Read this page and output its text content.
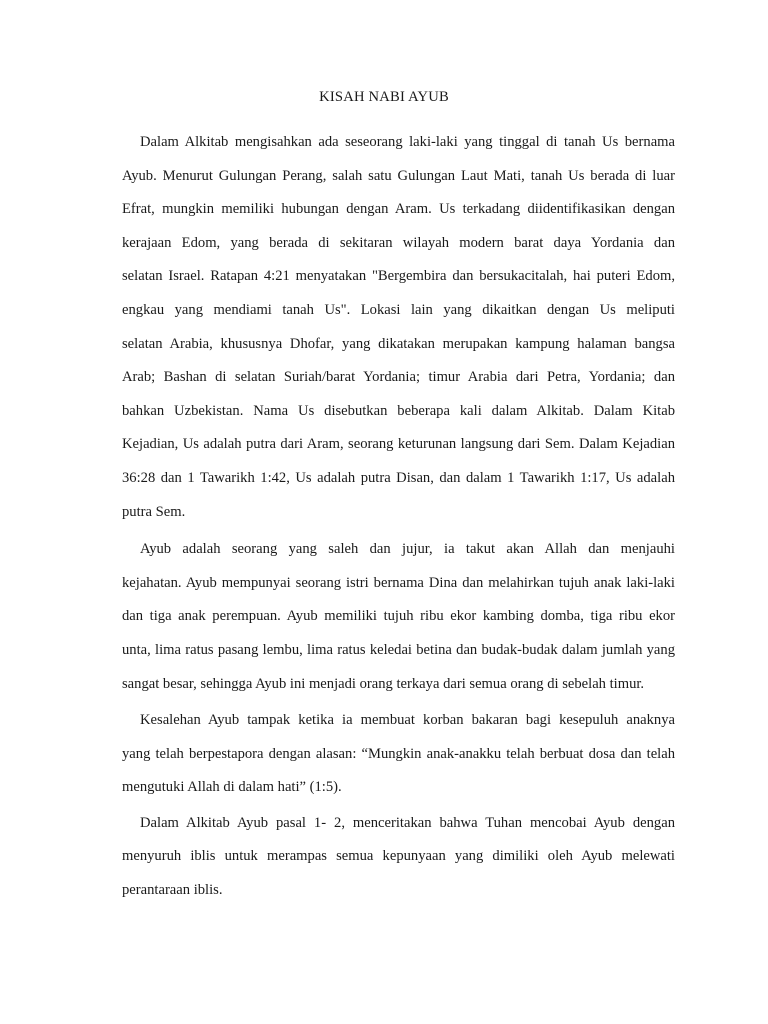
KISAH NABI AYUB
Dalam Alkitab mengisahkan ada seseorang laki-laki yang tinggal di tanah Us bernama
Ayub. Menurut Gulungan Perang, salah satu Gulungan Laut Mati, tanah Us berada di luar
Efrat, mungkin memiliki hubungan dengan Aram. Us terkadang diidentifikasikan dengan
kerajaan Edom, yang berada di sekitaran wilayah modern barat daya Yordania dan
selatan Israel. Ratapan 4:21 menyatakan "Bergembira dan bersukacitalah, hai puteri Edom,
engkau yang mendiami tanah Us". Lokasi lain yang dikaitkan dengan Us meliputi
selatan Arabia, khususnya Dhofar, yang dikatakan merupakan kampung halaman bangsa
Arab; Bashan di selatan Suriah/barat Yordania; timur Arabia dari Petra, Yordania; dan
bahkan Uzbekistan. Nama Us disebutkan beberapa kali dalam Alkitab. Dalam Kitab
Kejadian, Us adalah putra dari Aram, seorang keturunan langsung dari Sem. Dalam Kejadian
36:28 dan 1 Tawarikh 1:42, Us adalah putra Disan, dan dalam 1 Tawarikh 1:17, Us adalah
putra Sem.
Ayub adalah seorang yang saleh dan jujur, ia takut akan Allah dan menjauhi
kejahatan. Ayub mempunyai seorang istri bernama Dina dan melahirkan tujuh anak laki-laki
dan tiga anak perempuan. Ayub memiliki tujuh ribu ekor kambing domba, tiga ribu ekor
unta, lima ratus pasang lembu, lima ratus keledai betina dan budak-budak dalam jumlah yang
sangat besar, sehingga Ayub ini menjadi orang terkaya dari semua orang di sebelah timur.
Kesalehan Ayub tampak ketika ia membuat korban bakaran bagi kesepuluh anaknya
yang telah berpestapora dengan alasan: “Mungkin anak-anakku telah berbuat dosa dan telah
mengutuki Allah di dalam hati” (1:5).
Dalam Alkitab Ayub pasal 1- 2, menceritakan bahwa Tuhan mencobai Ayub dengan
menyuruh iblis untuk merampas semua kepunyaan yang dimiliki oleh Ayub melewati
perantaraan iblis.
